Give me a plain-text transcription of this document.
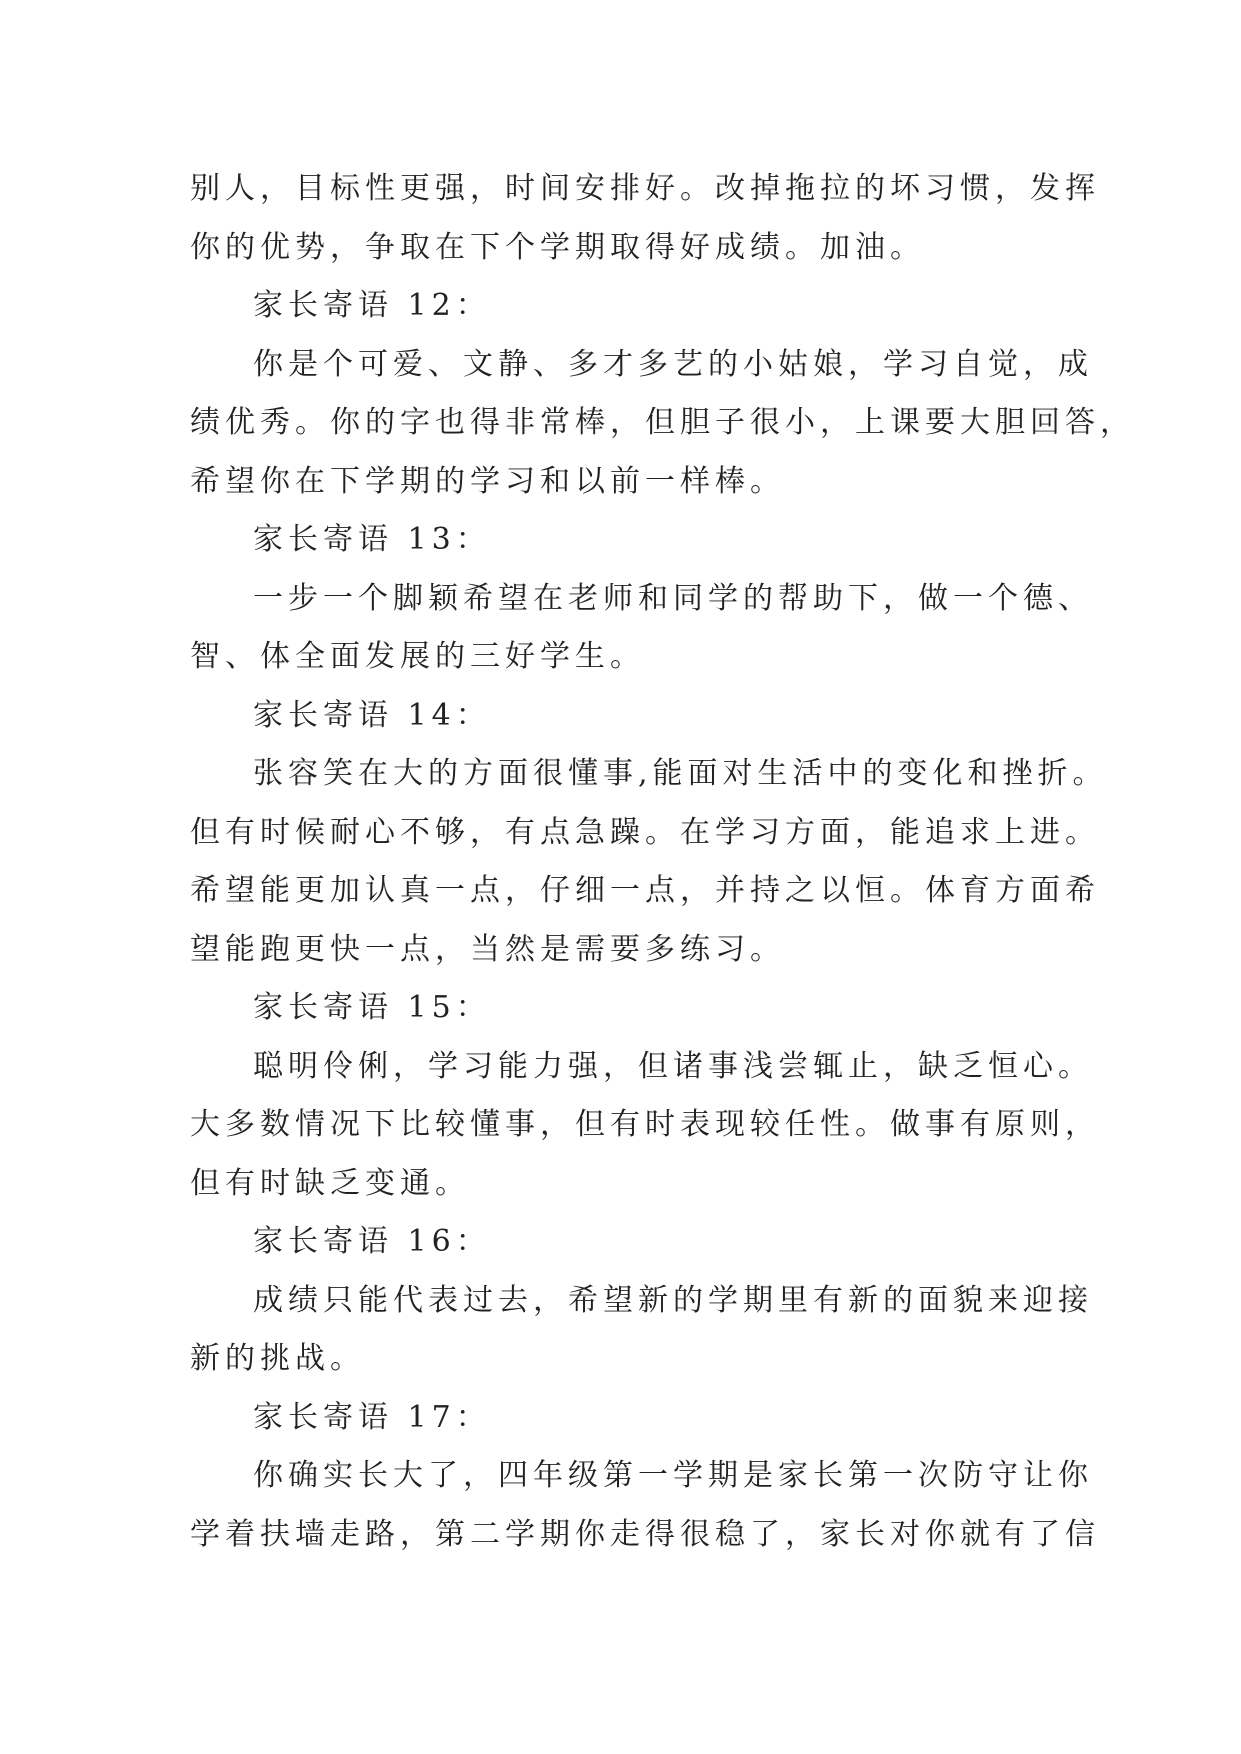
别人，目标性更强，时间安排好。改掉拖拉的坏习惯，发挥
你的优势，争取在下个学期取得好成绩。加油。
家长寄语 12：
你是个可爱、文静、多才多艺的小姑娘，学习自觉，成
绩优秀。你的字也得非常棒，但胆子很小，上课要大胆回答，
希望你在下学期的学习和以前一样棒。
家长寄语 13：
一步一个脚颖希望在老师和同学的帮助下，做一个德、
智、体全面发展的三好学生。
家长寄语 14：
张容笑在大的方面很懂事,能面对生活中的变化和挫折。
但有时候耐心不够，有点急躁。在学习方面，能追求上进。
希望能更加认真一点，仔细一点，并持之以恒。体育方面希
望能跑更快一点，当然是需要多练习。
家长寄语 15：
聪明伶俐，学习能力强，但诸事浅尝辄止，缺乏恒心。
大多数情况下比较懂事，但有时表现较任性。做事有原则，
但有时缺乏变通。
家长寄语 16：
成绩只能代表过去，希望新的学期里有新的面貌来迎接
新的挑战。
家长寄语 17：
你确实长大了，四年级第一学期是家长第一次防守让你
学着扶墙走路，第二学期你走得很稳了，家长对你就有了信
